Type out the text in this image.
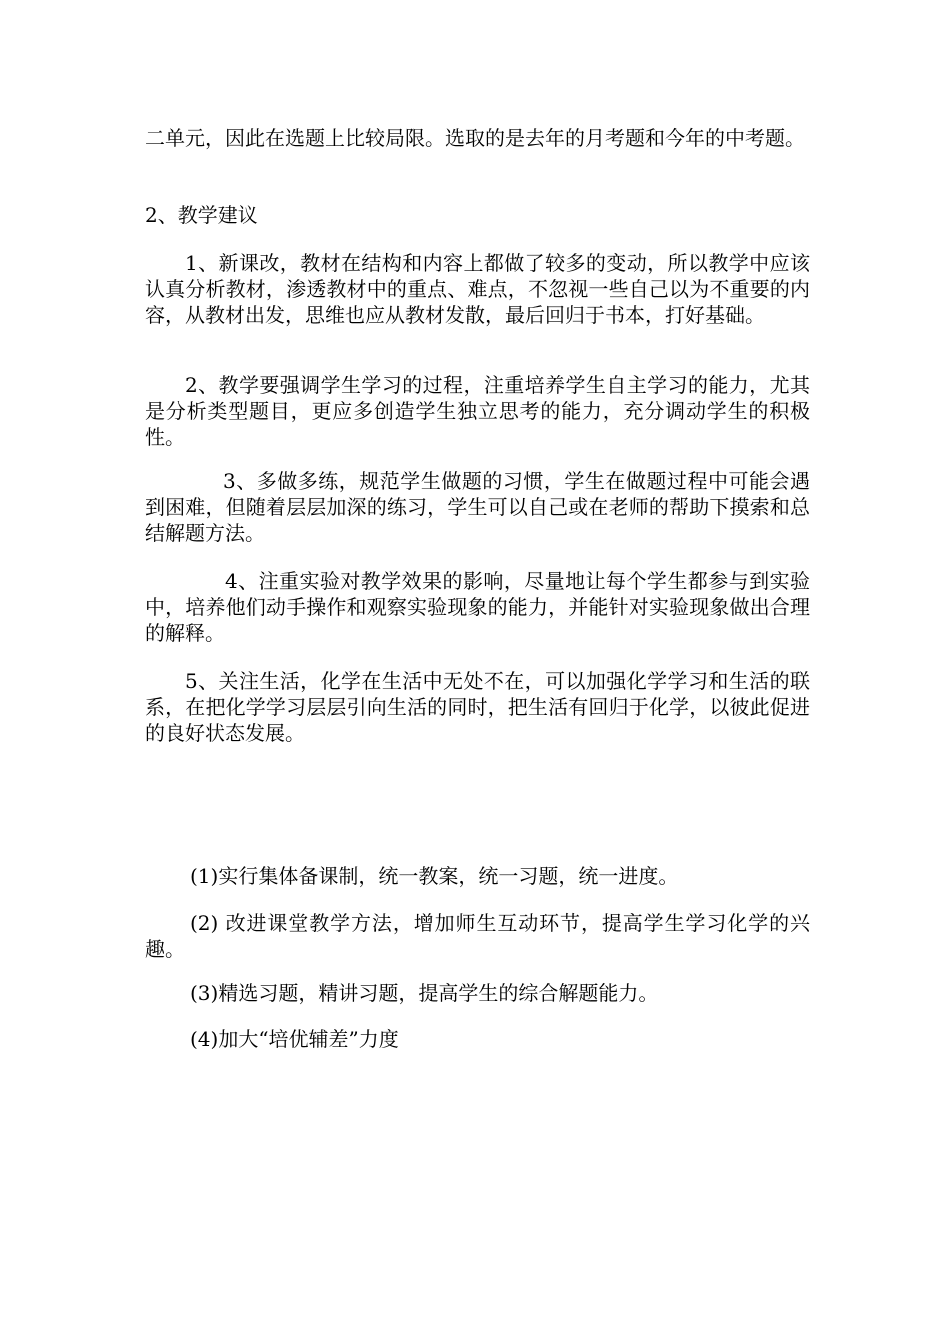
二单元，因此在选题上比较局限。选取的是去年的月考题和今年的中考题。

2、教学建议

1、新课改，教材在结构和内容上都做了较多的变动，所以教学中应该认真分析教材，渗透教材中的重点、难点，不忽视一些自己以为不重要的内容，从教材出发，思维也应从教材发散，最后回归于书本，打好基础。

2、教学要强调学生学习的过程，注重培养学生自主学习的能力，尤其是分析类型题目，更应多创造学生独立思考的能力，充分调动学生的积极性。

3、多做多练，规范学生做题的习惯，学生在做题过程中可能会遇到困难，但随着层层加深的练习，学生可以自己或在老师的帮助下摸索和总结解题方法。

4、注重实验对教学效果的影响，尽量地让每个学生都参与到实验中，培养他们动手操作和观察实验现象的能力，并能针对实验现象做出合理的解释。

5、关注生活，化学在生活中无处不在，可以加强化学学习和生活的联系，在把化学学习层层引向生活的同时，把生活有回归于化学，以彼此促进的良好状态发展。

(1)实行集体备课制，统一教案，统一习题，统一进度。

(2) 改进课堂教学方法，增加师生互动环节，提高学生学习化学的兴趣。

(3)精选习题，精讲习题，提高学生的综合解题能力。

(4)加大“培优辅差”力度
